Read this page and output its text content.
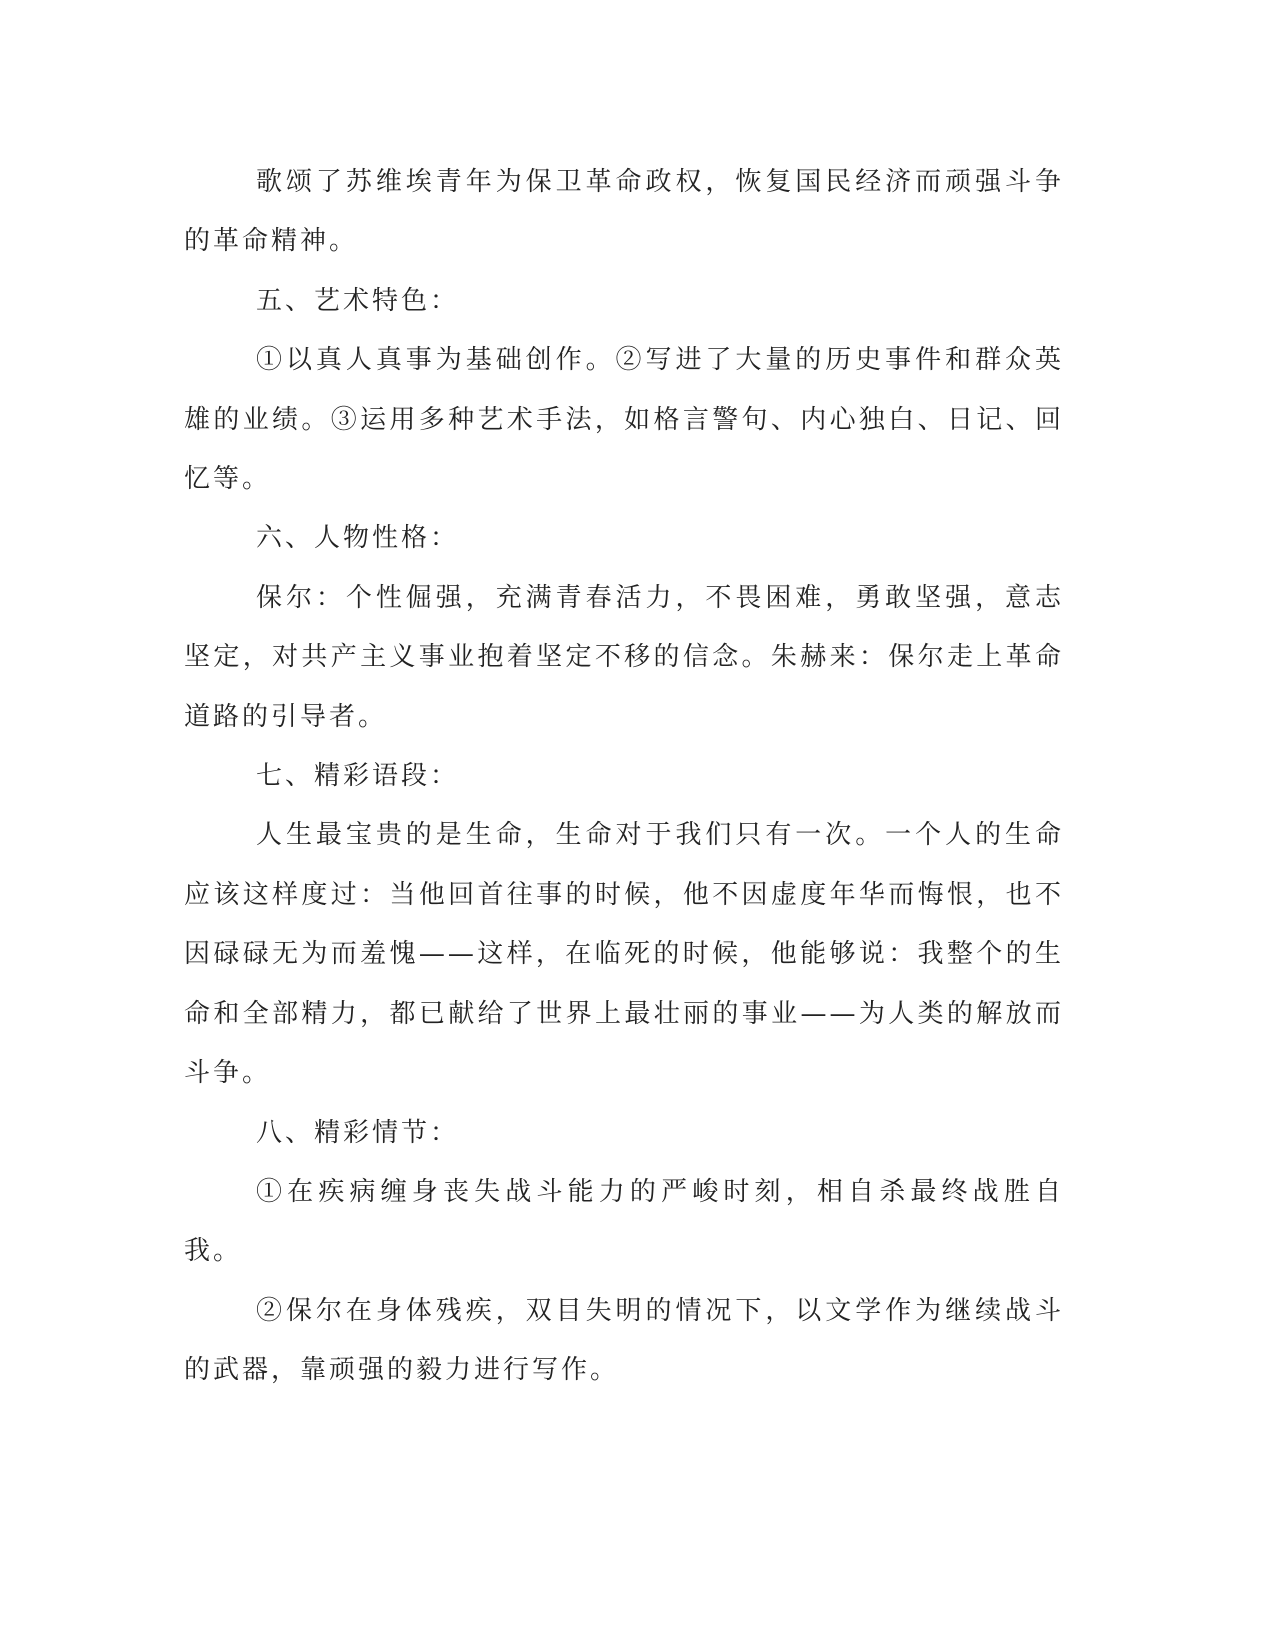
歌颂了苏维埃青年为保卫革命政权，恢复国民经济而顽强斗争的革命精神。

五、艺术特色：

①以真人真事为基础创作。②写进了大量的历史事件和群众英雄的业绩。③运用多种艺术手法，如格言警句、内心独白、日记、回忆等。

六、人物性格：

保尔：个性倔强，充满青春活力，不畏困难，勇敢坚强，意志坚定，对共产主义事业抱着坚定不移的信念。朱赫来：保尔走上革命道路的引导者。

七、精彩语段：

人生最宝贵的是生命，生命对于我们只有一次。一个人的生命应该这样度过：当他回首往事的时候，他不因虚度年华而悔恨，也不因碌碌无为而羞愧——这样，在临死的时候，他能够说：我整个的生命和全部精力，都已献给了世界上最壮丽的事业——为人类的解放而斗争。

八、精彩情节：

①在疾病缠身丧失战斗能力的严峻时刻，相自杀最终战胜自我。

②保尔在身体残疾，双目失明的情况下，以文学作为继续战斗的武器，靠顽强的毅力进行写作。
